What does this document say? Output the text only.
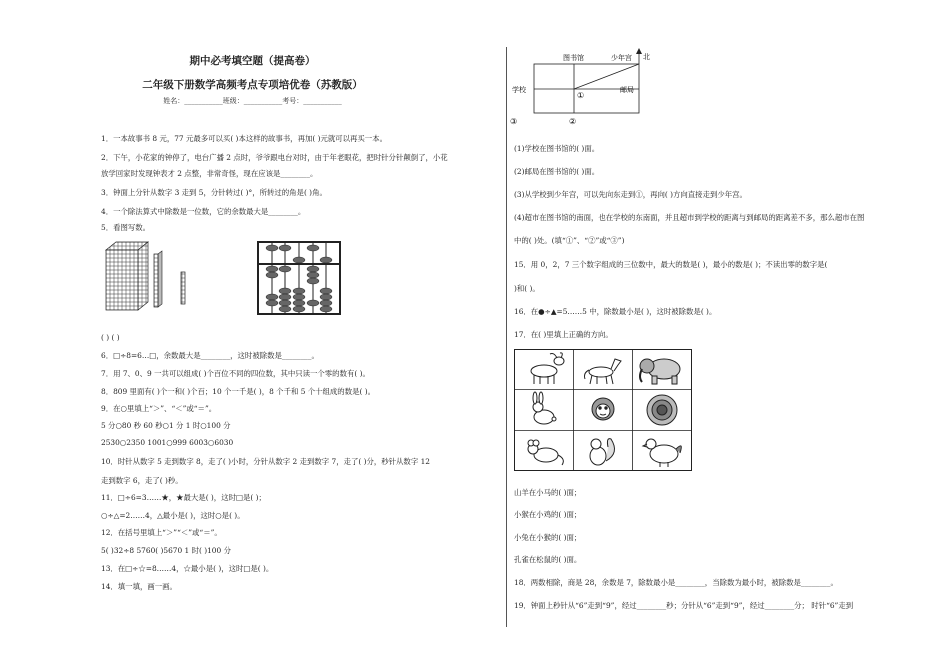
期中必考填空题（提高卷）
二年级下册数学高频考点专项培优卷（苏教版）
姓名：___________班级：___________考号：___________
1．一本故事书 8 元，77 元最多可以买( )本这样的故事书，再加( )元就可以再买一本。
2．下午，小花家的钟停了，电台广播 2 点时，爷爷跟电台对时，由于年老眼花，把时针分针颠倒了，小花
放学回家时发现钟表才 2 点整，非常奇怪，现在应该是________。
3．钟面上分针从数字 3 走到 5，分针转过( )°，所转过的角是( )角。
4．一个除法算式中除数是一位数，它的余数最大是________。
5．看图写数。
( ) ( )
6．□÷8=6…□，余数最大是________，这时被除数是________。
7．用 7、0、9 一共可以组成( )个百位不同的四位数，其中只读一个零的数有( )。
8．809 里面有( )个一和( )个百；10 个一千是( )，8 个千和 5 个十组成的数是( )。
9．在○里填上“＞”、“＜”或“＝”。
5 分○80 秒 60 秒○1 分 1 时○100 分
2530○2350 1001○999 6003○6030
10．时针从数字 5 走到数字 8，走了( )小时，分针从数字 2 走到数字 7，走了( )分，秒针从数字 12
走到数字 6，走了( )秒。
11．□÷6=3……★，★最大是( )，这时□是( )；
○÷△=2……4，△最小是( )，这时○是( )。
12．在括号里填上“＞”“＜”或“＝”。
5( )32÷8 5760( )5670 1 时( )100 分
13．在□÷☆=8……4，☆最小是( )，这时□是( )。
14．填一填，画一画。
图书馆	少年宫 北
学校	邮局
①
②
③
(1)学校在图书馆的( )面。
(2)邮局在图书馆的( )面。
(3)从学校到少年宫，可以先向东走到①，再向( )方向直接走到少年宫。
(4)超市在图书馆的南面，也在学校的东南面，并且超市到学校的距离与到邮局的距离差不多，那么超市在图
中的( )处。(填“①”、“②”或“③”)
15．用 0，2，7 三个数字组成的三位数中，最大的数是( )，最小的数是( )；不读出零的数字是(
)和( )。
16．在●÷▲=5……5 中，除数最小是( )，这时被除数是( )。
17．在( )里填上正确的方向。
山羊在小马的( )面；
小猴在小鸡的( )面；
小兔在小猴的( )面；
孔雀在松鼠的( )面。
18．两数相除，商是 28，余数是 7，除数最小是________，当除数为最小时，被除数是________。
19．钟面上秒针从“6”走到“9”，经过________秒；分针从“6”走到“9”，经过________分； 时针“6”走到
